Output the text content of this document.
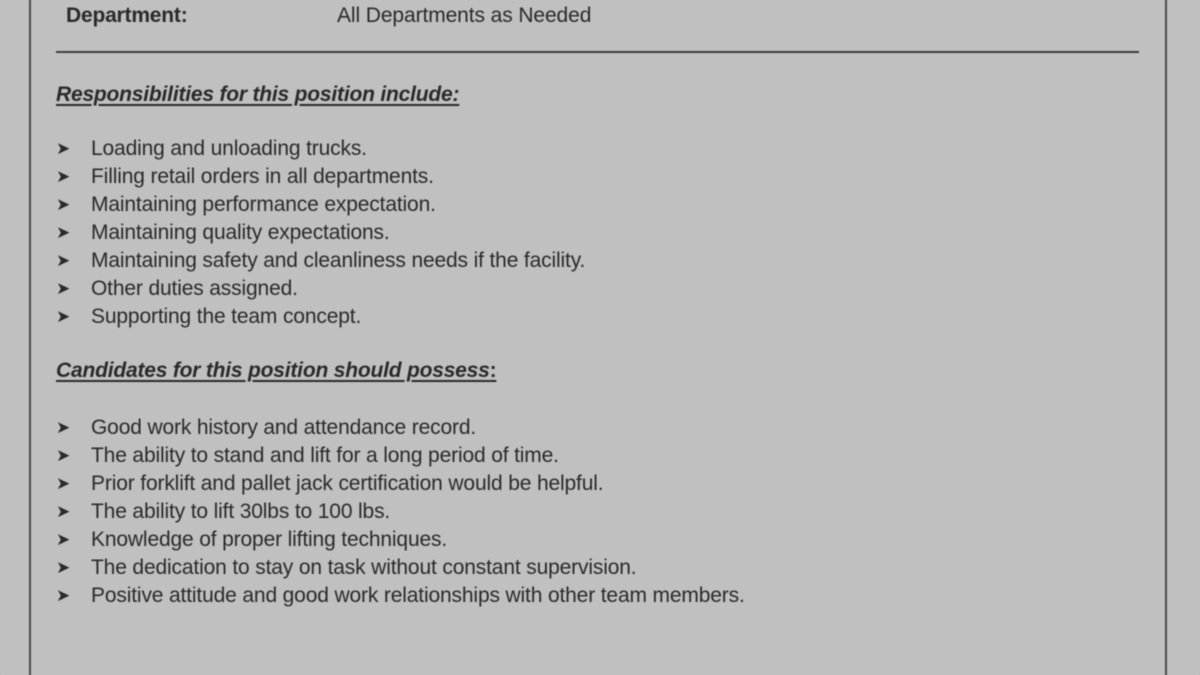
Department:	All Departments as Needed
Responsibilities for this position include:
➤ Loading and unloading trucks.
➤ Filling retail orders in all departments.
➤ Maintaining performance expectation.
➤ Maintaining quality expectations.
➤ Maintaining safety and cleanliness needs if the facility.
➤ Other duties assigned.
➤ Supporting the team concept.
Candidates for this position should possess:
➤ Good work history and attendance record.
➤ The ability to stand and lift for a long period of time.
➤ Prior forklift and pallet jack certification would be helpful.
➤ The ability to lift 30lbs to 100 lbs.
➤ Knowledge of proper lifting techniques.
➤ The dedication to stay on task without constant supervision.
➤ Positive attitude and good work relationships with other team members.
